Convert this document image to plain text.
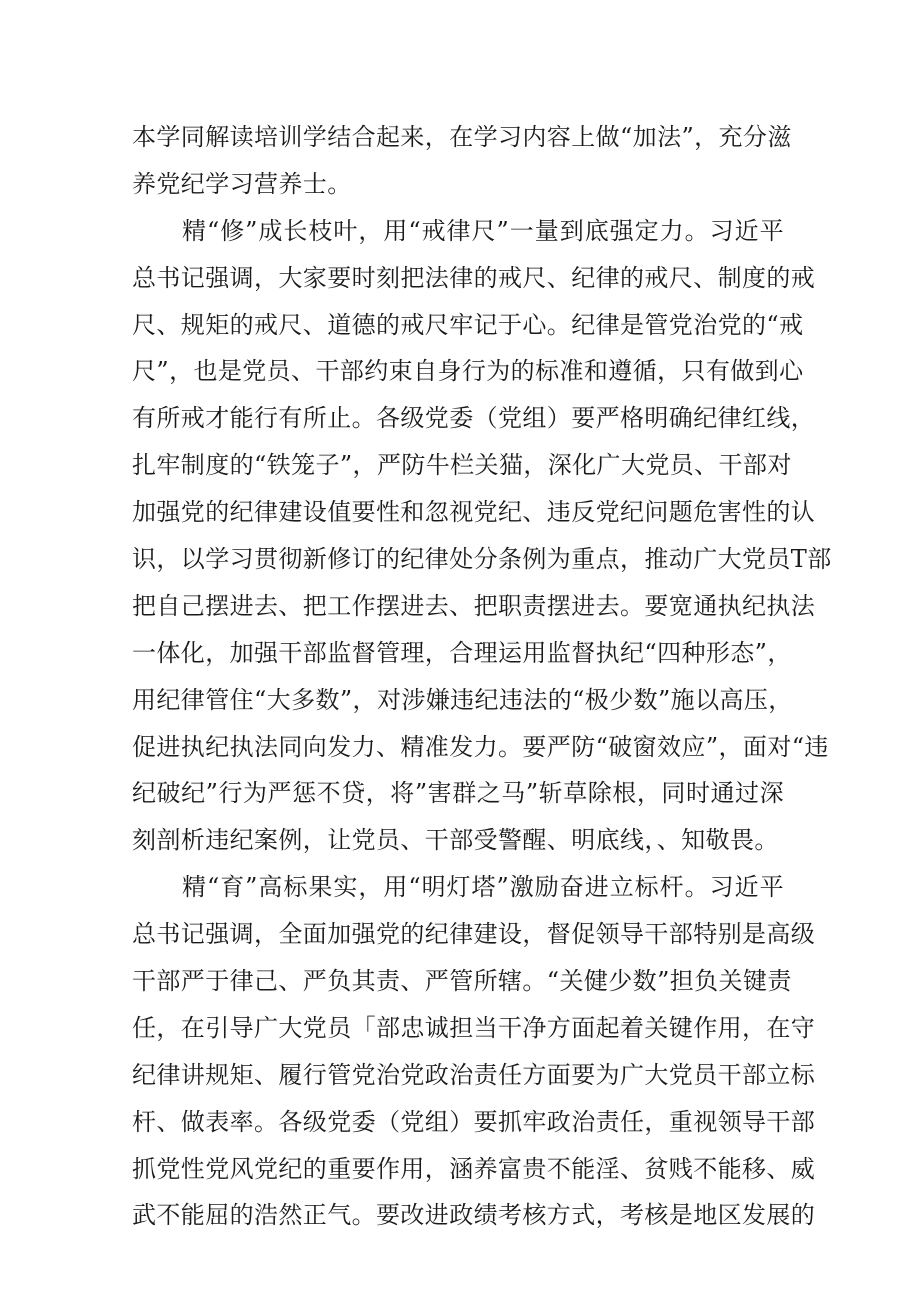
本学同解读培训学结合起来，在学习内容上做“加法”，充分滋
养党纪学习营养士。
　　精“修”成长枝叶，用“戒律尺”一量到底强定力。习近平
总书记强调，大家要时刻把法律的戒尺、纪律的戒尺、制度的戒
尺、规矩的戒尺、道德的戒尺牢记于心。纪律是管党治党的“戒
尺”，也是党员、干部约束自身行为的标准和遵循，只有做到心
有所戒才能行有所止。各级党委（党组）要严格明确纪律红线，
扎牢制度的“铁笼子”，严防牛栏关猫，深化广大党员、干部对
加强党的纪律建设值要性和忽视党纪、违反党纪问题危害性的认
识，以学习贯彻新修订的纪律处分条例为重点，推动广大党员T部
把自己摆进去、把工作摆进去、把职责摆进去。要宽通执纪执法
一体化，加强干部监督管理，合理运用监督执纪“四种形态”，
用纪律管住“大多数”，对涉嫌违纪违法的“极少数”施以高压，
促进执纪执法同向发力、精准发力。要严防“破窗效应”，面对“违
纪破纪”行为严惩不贷，将”害群之马”斩草除根，同时通过深
刻剖析违纪案例，让党员、干部受警醒、明底线，、知敬畏。
　　精“育”高标果实，用“明灯塔”激励奋进立标杆。习近平
总书记强调，全面加强党的纪律建设，督促领导干部特别是高级
干部严于律己、严负其责、严管所辖。“关健少数”担负关键责
任，在引导广大党员「部忠诚担当干净方面起着关键作用，在守
纪律讲规矩、履行管党治党政治责任方面要为广大党员干部立标
杆、做表率。各级党委（党组）要抓牢政治责任，重视领导干部
抓党性党风党纪的重要作用，涵养富贵不能淫、贫贱不能移、威
武不能屈的浩然正气。要改进政绩考核方式，考核是地区发展的
